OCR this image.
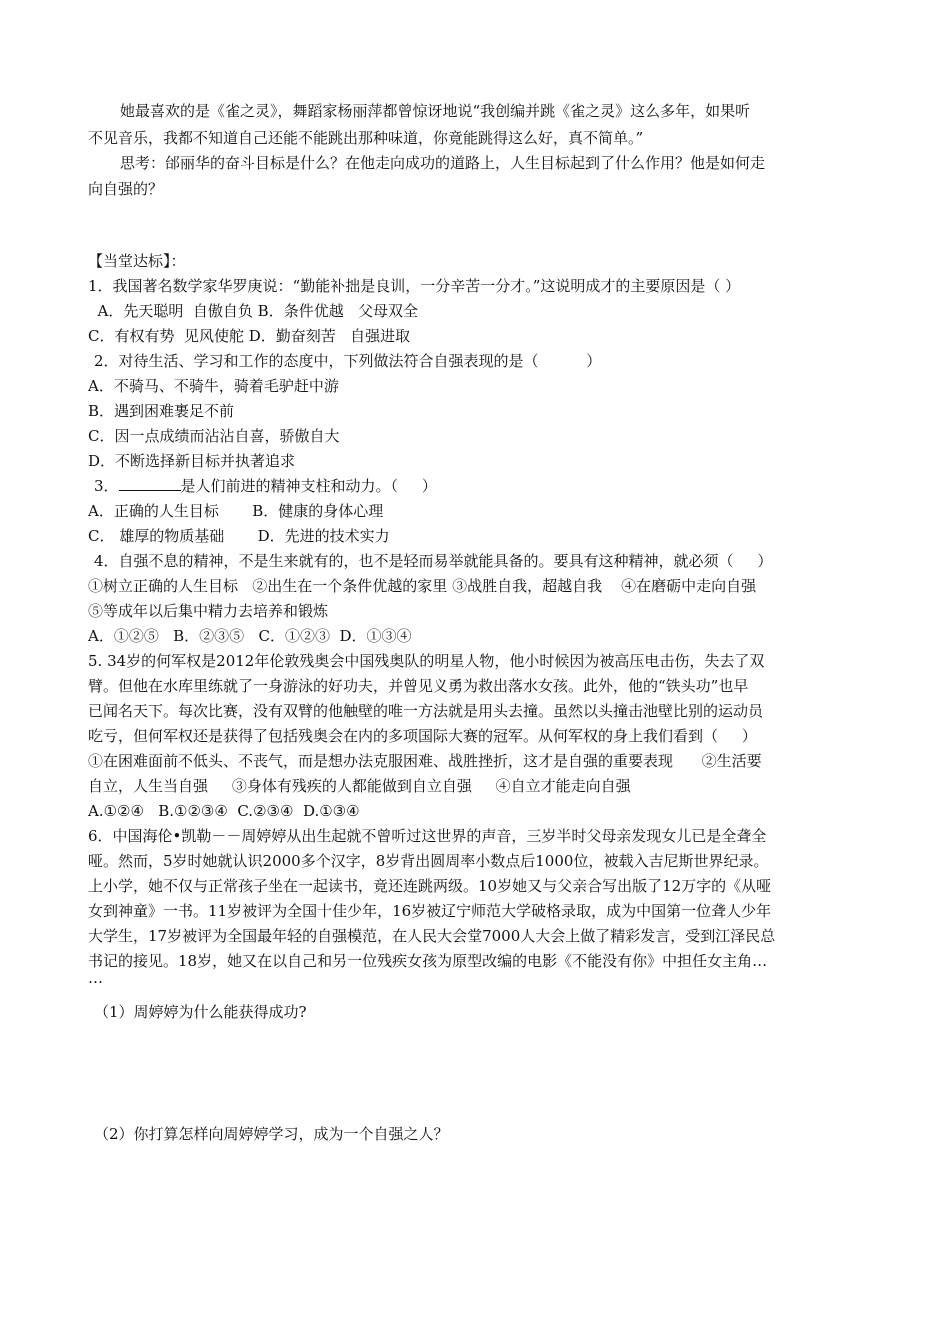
她最喜欢的是《雀之灵》，舞蹈家杨丽萍都曾惊讶地说“我创编并跳《雀之灵》这么多年，如果听
不见音乐，我都不知道自己还能不能跳出那种味道，你竟能跳得这么好，真不简单。”
思考：邰丽华的奋斗目标是什么？在他走向成功的道路上，人生目标起到了什么作用？他是如何走
向自强的？
【当堂达标】：
1．我国著名数学家华罗庚说：“勤能补拙是良训，一分辛苦一分才。”这说明成才的主要原因是（ ）
A．先天聪明  自傲自负 B．条件优越   父母双全
C．有权有势  见风使舵 D．勤奋刻苦   自强进取
2．对待生活、学习和工作的态度中，下列做法符合自强表现的是（          ）
A．不骑马、不骑牛，骑着毛驴赶中游
B．遇到困难裹足不前
C．因一点成绩而沾沾自喜，骄傲自大
D．不断选择新目标并执著追求
3．	是人们前进的精神支柱和动力。（     ）
A．正确的人生目标       B．健康的身体心理
C． 雄厚的物质基础       D．先进的技术实力
4．自强不息的精神，不是生来就有的，也不是轻而易举就能具备的。要具有这种精神，就必须（     ）
①树立正确的人生目标   ②出生在一个条件优越的家里 ③战胜自我，超越自我    ④在磨砺中走向自强
⑤等成年以后集中精力去培养和锻炼
A．①②⑤   B．②③⑤   C．①②③  D．①③④
5. 34岁的何军权是2012年伦敦残奥会中国残奥队的明星人物，他小时候因为被高压电击伤，失去了双
臂。但他在水库里练就了一身游泳的好功夫，并曾见义勇为救出落水女孩。此外，他的“铁头功”也早
已闻名天下。每次比赛，没有双臂的他触壁的唯一方法就是用头去撞。虽然以头撞击池壁比别的运动员
吃亏，但何军权还是获得了包括残奥会在内的多项国际大赛的冠军。从何军权的身上我们看到（     ）
①在困难面前不低头、不丧气，而是想办法克服困难、战胜挫折，这才是自强的重要表现      ②生活要
自立，人生当自强     ③身体有残疾的人都能做到自立自强     ④自立才能走向自强
A.①②④   B.①②③④  C.②③④  D.①③④
6．中国海伦•凯勒－－周婷婷从出生起就不曾听过这世界的声音，三岁半时父母亲发现女儿已是全聋全
哑。然而，5岁时她就认识2000多个汉字，8岁背出圆周率小数点后1000位，被载入吉尼斯世界纪录。
上小学，她不仅与正常孩子坐在一起读书，竟还连跳两级。10岁她又与父亲合写出版了12万字的《从哑
女到神童》一书。11岁被评为全国十佳少年，16岁被辽宁师范大学破格录取，成为中国第一位聋人少年
大学生，17岁被评为全国最年轻的自强模范，在人民大会堂7000人大会上做了精彩发言，受到江泽民总
书记的接见。18岁，她又在以自己和另一位残疾女孩为原型改编的电影《不能没有你》中担任女主角…
…
（1）周婷婷为什么能获得成功?
（2）你打算怎样向周婷婷学习，成为一个自强之人？
